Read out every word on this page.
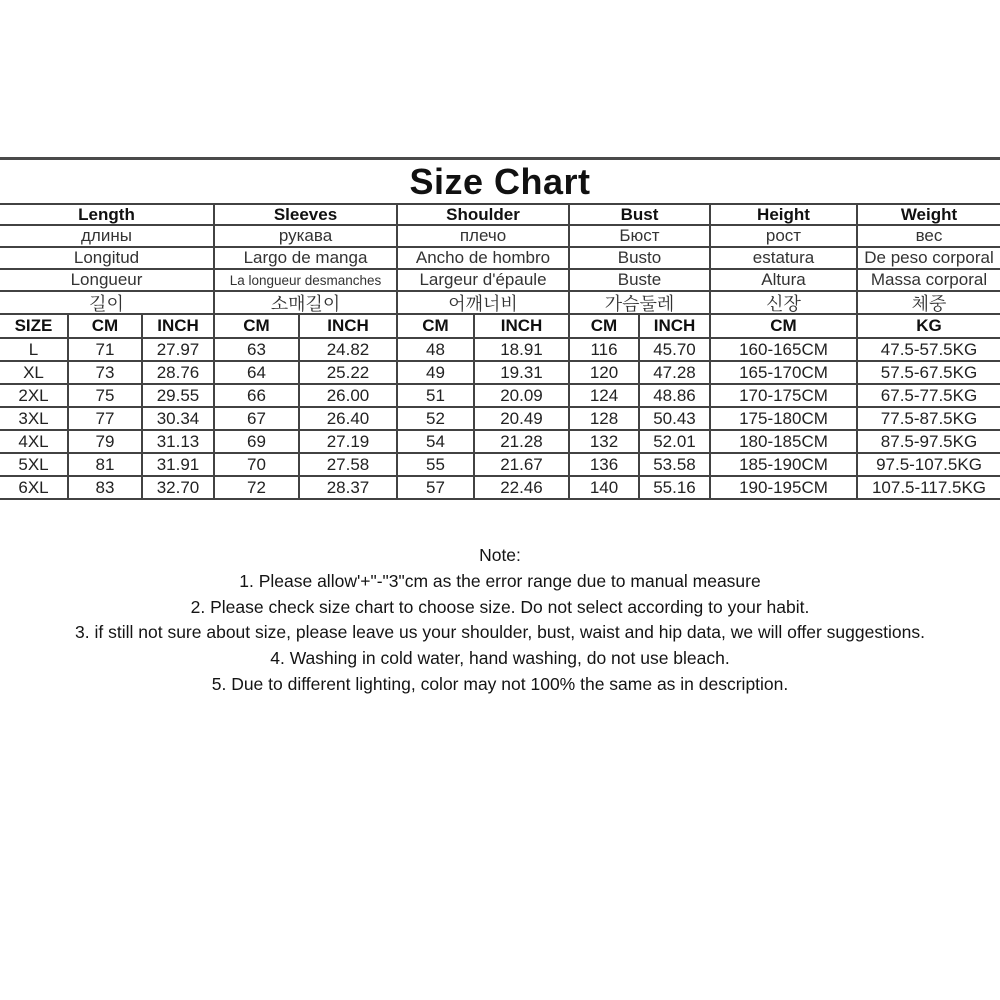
Size Chart
Length	Sleeves	Shoulder	Bust	Height	Weight
длины	рукава	плечо	Бюст	рост	вес
Longitud	Largo de manga	Ancho de hombro	Busto	estatura	De peso corporal
Longueur	La longueur desmanches	Largeur d'épaule	Buste	Altura	Massa corporal
길이	소매길이	어깨너비	가슴둘레	신장	체중
SIZE	CM	INCH	CM	INCH	CM	INCH	CM	INCH	CM	KG
L	71	27.97	63	24.82	48	18.91	116	45.70	160-165CM	47.5-57.5KG
XL	73	28.76	64	25.22	49	19.31	120	47.28	165-170CM	57.5-67.5KG
2XL	75	29.55	66	26.00	51	20.09	124	48.86	170-175CM	67.5-77.5KG
3XL	77	30.34	67	26.40	52	20.49	128	50.43	175-180CM	77.5-87.5KG
4XL	79	31.13	69	27.19	54	21.28	132	52.01	180-185CM	87.5-97.5KG
5XL	81	31.91	70	27.58	55	21.67	136	53.58	185-190CM	97.5-107.5KG
6XL	83	32.70	72	28.37	57	22.46	140	55.16	190-195CM	107.5-117.5KG
Note:
1. Please allow'+"-"3"cm as the error range due to manual measure
2. Please check size chart to choose size. Do not select according to your habit.
3. if still not sure about size, please leave us your shoulder, bust, waist and hip data, we will offer suggestions.
4. Washing in cold water, hand washing, do not use bleach.
5. Due to different lighting, color may not 100% the same as in description.
